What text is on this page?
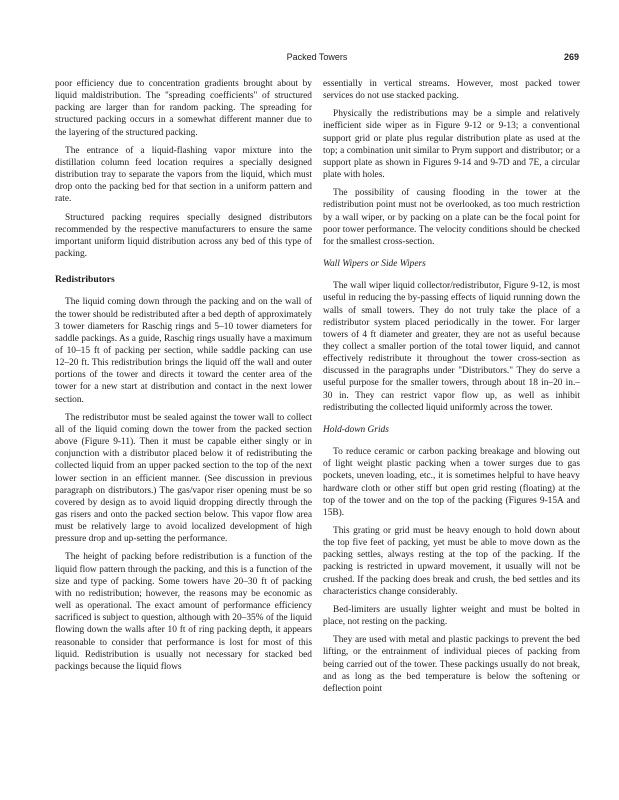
Packed Towers	269

poor efficiency due to concentration gradients brought about by liquid maldistribution. The "spreading coefficients" of structured packing are larger than for random packing. The spreading for structured packing occurs in a somewhat different manner due to the layering of the structured packing.

The entrance of a liquid-flashing vapor mixture into the distillation column feed location requires a specially designed distribution tray to separate the vapors from the liquid, which must drop onto the packing bed for that section in a uniform pattern and rate.

Structured packing requires specially designed distributors recommended by the respective manufacturers to ensure the same important uniform liquid distribution across any bed of this type of packing.

Redistributors

The liquid coming down through the packing and on the wall of the tower should be redistributed after a bed depth of approximately 3 tower diameters for Raschig rings and 5–10 tower diameters for saddle packings. As a guide, Raschig rings usually have a maximum of 10–15 ft of packing per section, while saddle packing can use 12–20 ft. This redistribution brings the liquid off the wall and outer portions of the tower and directs it toward the center area of the tower for a new start at distribution and contact in the next lower section.

The redistributor must be sealed against the tower wall to collect all of the liquid coming down the tower from the packed section above (Figure 9-11). Then it must be capable either singly or in conjunction with a distributor placed below it of redistributing the collected liquid from an upper packed section to the top of the next lower section in an efficient manner. (See discussion in previous paragraph on distributors.) The gas/vapor riser opening must be so covered by design as to avoid liquid dropping directly through the gas risers and onto the packed section below. This vapor flow area must be relatively large to avoid localized development of high pressure drop and up-setting the performance.

The height of packing before redistribution is a function of the liquid flow pattern through the packing, and this is a function of the size and type of packing. Some towers have 20–30 ft of packing with no redistribution; however, the reasons may be economic as well as operational. The exact amount of performance efficiency sacrificed is subject to question, although with 20–35% of the liquid flowing down the walls after 10 ft of ring packing depth, it appears reasonable to consider that performance is lost for most of this liquid. Redistribution is usually not necessary for stacked bed packings because the liquid flows

essentially in vertical streams. However, most packed tower services do not use stacked packing.

Physically the redistributions may be a simple and relatively inefficient side wiper as in Figure 9-12 or 9-13; a conventional support grid or plate plus regular distribution plate as used at the top; a combination unit similar to Prym support and distributor; or a support plate as shown in Figures 9-14 and 9-7D and 7E, a circular plate with holes.

The possibility of causing flooding in the tower at the redistribution point must not be overlooked, as too much restriction by a wall wiper, or by packing on a plate can be the focal point for poor tower performance. The velocity conditions should be checked for the smallest cross-section.

Wall Wipers or Side Wipers

The wall wiper liquid collector/redistributor, Figure 9-12, is most useful in reducing the by-passing effects of liquid running down the walls of small towers. They do not truly take the place of a redistributor system placed periodically in the tower. For larger towers of 4 ft diameter and greater, they are not as useful because they collect a smaller portion of the total tower liquid, and cannot effectively redistribute it throughout the tower cross-section as discussed in the paragraphs under "Distributors." They do serve a useful purpose for the smaller towers, through about 18 in–20 in.–30 in. They can restrict vapor flow up, as well as inhibit redistributing the collected liquid uniformly across the tower.

Hold-down Grids

To reduce ceramic or carbon packing breakage and blowing out of light weight plastic packing when a tower surges due to gas pockets, uneven loading, etc., it is sometimes helpful to have heavy hardware cloth or other stiff but open grid resting (floating) at the top of the tower and on the top of the packing (Figures 9-15A and 15B).

This grating or grid must be heavy enough to hold down about the top five feet of packing, yet must be able to move down as the packing settles, always resting at the top of the packing. If the packing is restricted in upward movement, it usually will not be crushed. If the packing does break and crush, the bed settles and its characteristics change considerably.

Bed-limiters are usually lighter weight and must be bolted in place, not resting on the packing.

They are used with metal and plastic packings to prevent the bed lifting, or the entrainment of individual pieces of packing from being carried out of the tower. These packings usually do not break, and as long as the bed temperature is below the softening or deflection point
